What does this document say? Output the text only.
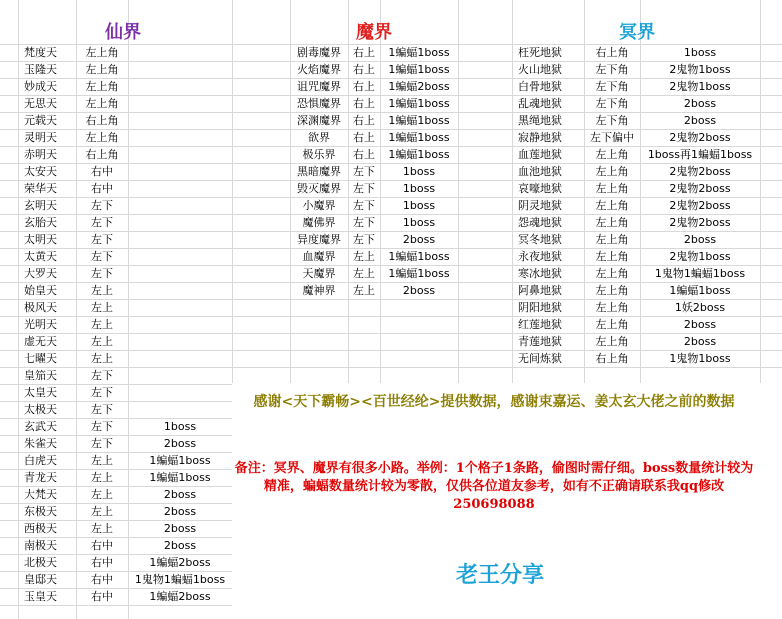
仙界	魔界	冥界
梵度天	左上角
玉隆天	左上角
妙成天	左上角
无思天	左上角
元载天	右上角
灵明天	左上角
赤明天	右上角
太安天	右中
荣华天	右中
玄明天	左下
玄胎天	左下
太明天	左下
太黄天	左下
大罗天	左下
始皇天	左上
极风天	左上
光明天	左上
虚无天	左上
七曜天	左上
皇笳天	左下
太皇天	左下
太极天	左下
玄武天	左下	1boss
朱雀天	左下	2boss
白虎天	左上	1蝙蝠1boss
青龙天	左上	1蝙蝠1boss
大梵天	左上	2boss
东极天	左上	2boss
西极天	左上	2boss
南极天	右中	2boss
北极天	右中	1蝙蝠2boss
皇邸天	右中	1鬼物1蝙蝠1boss
玉皇天	右中	1蝙蝠2boss
剧毒魔界	右上	1蝙蝠1boss
火焰魔界	右上	1蝙蝠1boss
诅咒魔界	右上	1蝙蝠2boss
恐惧魔界	右上	1蝙蝠1boss
深渊魔界	右上	1蝙蝠1boss
欲界	右上	1蝙蝠1boss
极乐界	右上	1蝙蝠1boss
黑暗魔界	左下	1boss
毁灭魔界	左下	1boss
小魔界	左下	1boss
魔佛界	左下	1boss
异度魔界	左下	2boss
血魔界	左上	1蝙蝠1boss
天魔界	左上	1蝙蝠1boss
魔神界	左上	2boss
枉死地狱	右上角	1boss
火山地狱	左下角	2鬼物1boss
白骨地狱	左下角	2鬼物1boss
乱魂地狱	左下角	2boss
黑绳地狱	左下角	2boss
寂静地狱	左下偏中	2鬼物2boss
血莲地狱	左上角	1boss再1蝙蝠1boss
血池地狱	左上角	2鬼物2boss
哀嚎地狱	左上角	2鬼物2boss
阴灵地狱	左上角	2鬼物2boss
怨魂地狱	左上角	2鬼物2boss
冥冬地狱	左上角	2boss
永夜地狱	左上角	2鬼物1boss
寒冰地狱	左上角	1鬼物1蝙蝠1boss
阿鼻地狱	左上角	1蝙蝠1boss
阴阳地狱	左上角	1妖2boss
红莲地狱	左上角	2boss
青莲地狱	左上角	2boss
无间炼狱	右上角	1鬼物1boss
感谢<天下霸畅><百世经纶>提供数据，感谢束嘉运、姜太玄大佬之前的数据
备注：冥界、魔界有很多小路。举例：1个格子1条路，偷图时需仔细。boss数量统计较为精准，蝙蝠数量统计较为零散，仅供各位道友参考，如有不正确请联系我qq修改250698088
老王分享
